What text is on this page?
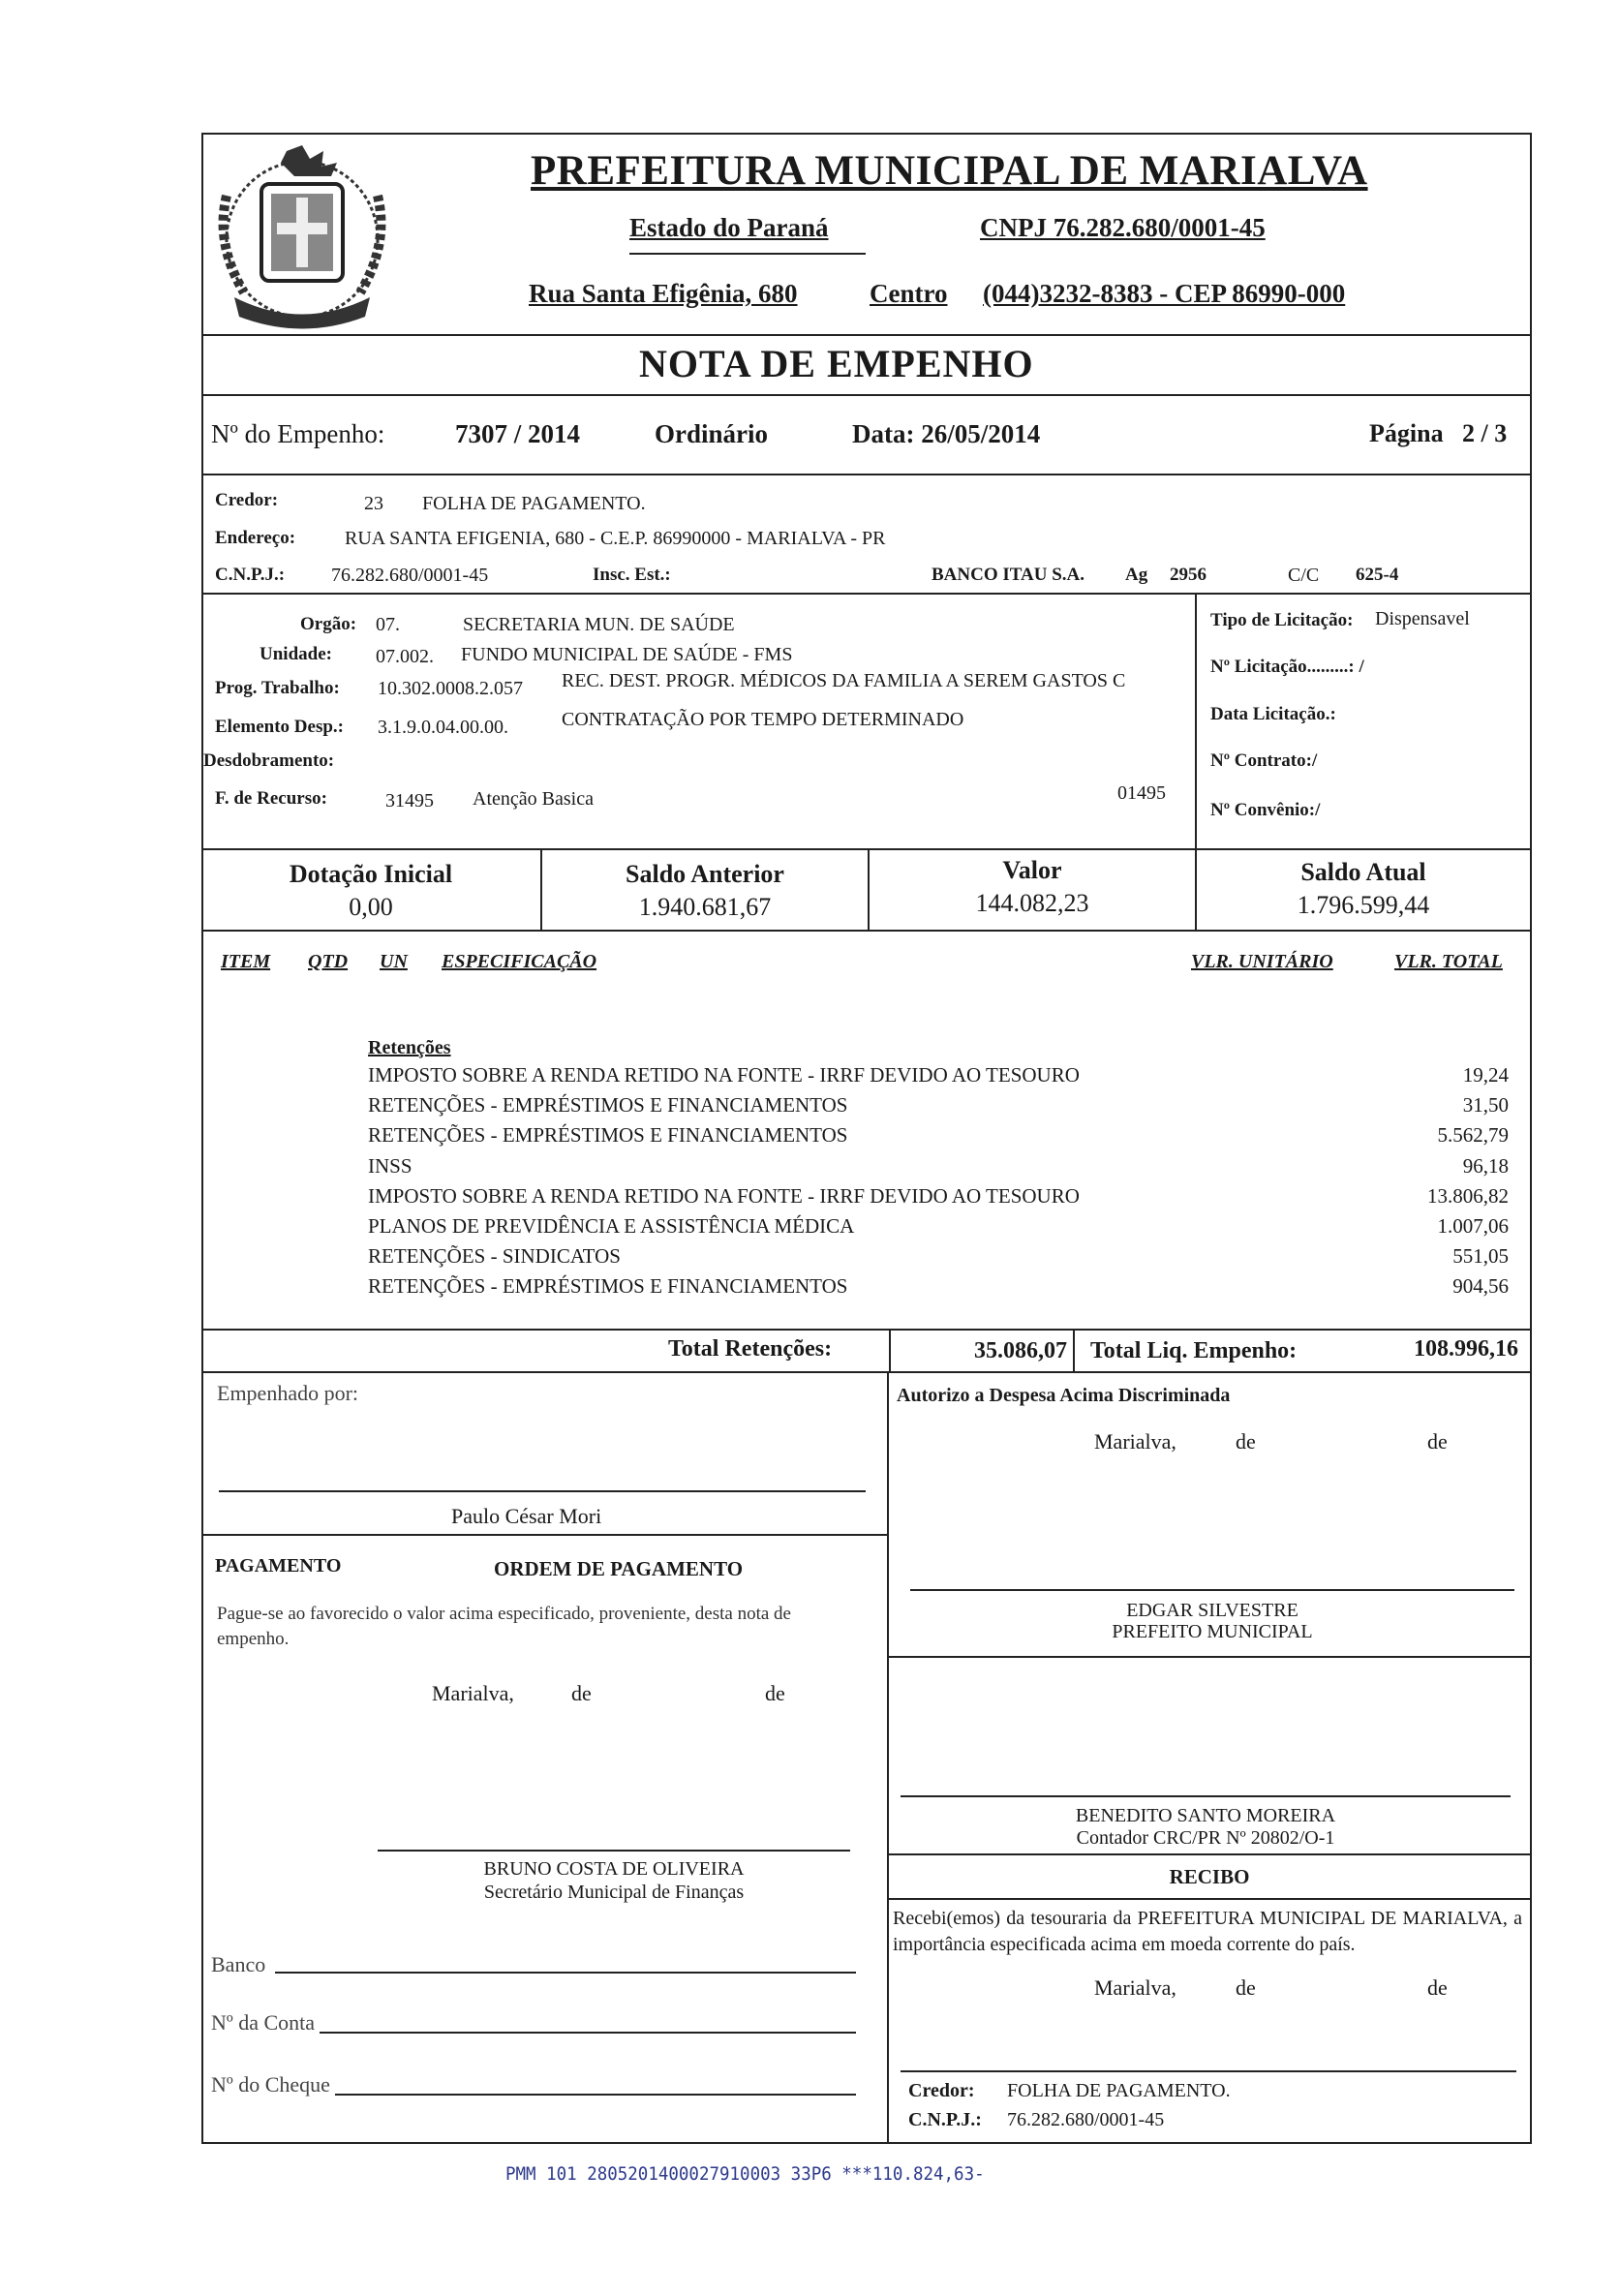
PREFEITURA MUNICIPAL DE MARIALVA
Estado do Paraná	CNPJ 76.282.680/0001-45
Rua Santa Efigênia, 680	Centro (044)3232-8383 - CEP 86990-000
NOTA DE EMPENHO
Nº do Empenho:	7307 / 2014	Ordinário	Data: 26/05/2014	Página 2 / 3
Credor:	23 FOLHA DE PAGAMENTO.
Endereço:	RUA SANTA EFIGENIA, 680 - C.E.P. 86990000 - MARIALVA - PR
C.N.P.J.: 76.282.680/0001-45	Insc. Est.:	BANCO ITAU S.A. Ag 2956	C/C 625-4
Orgão: 07.	SECRETARIA MUN. DE SAÚDE
Unidade: 07.002. FUNDO MUNICIPAL DE SAÚDE - FMS
Prog. Trabalho: 10.302.0008.2.057 REC. DEST. PROGR. MÉDICOS DA FAMILIA A SEREM GASTOS C
Elemento Desp.: 3.1.9.0.04.00.00.	CONTRATAÇÃO POR TEMPO DETERMINADO
Desdobramento:
F. de Recurso:	31495 Atenção Basica	01495
Tipo de Licitação: Dispensavel
Nº Licitação.........: /
Data Licitação.:
Nº Contrato:/
Nº Convênio:/
Dotação Inicial
0,00
Saldo Anterior
1.940.681,67
Valor
144.082,23
Saldo Atual
1.796.599,44
ITEM QTD UN ESPECIFICAÇÃO	VLR. UNITÁRIO	VLR. TOTAL
Retenções
IMPOSTO SOBRE A RENDA RETIDO NA FONTE - IRRF DEVIDO AO TESOURO	19,24
RETENÇÕES - EMPRÉSTIMOS E FINANCIAMENTOS	31,50
RETENÇÕES - EMPRÉSTIMOS E FINANCIAMENTOS	5.562,79
INSS	96,18
IMPOSTO SOBRE A RENDA RETIDO NA FONTE - IRRF DEVIDO AO TESOURO	13.806,82
PLANOS DE PREVIDÊNCIA E ASSISTÊNCIA MÉDICA	1.007,06
RETENÇÕES - SINDICATOS	551,05
RETENÇÕES - EMPRÉSTIMOS E FINANCIAMENTOS	904,56
Total Retenções:	35.086,07 Total Liq. Empenho:	108.996,16
Empenhado por:
Paulo César Mori
PAGAMENTO	ORDEM DE PAGAMENTO
Pague-se ao favorecido o valor acima especificado, proveniente, desta nota de empenho.
Marialva,	de	de
BRUNO COSTA DE OLIVEIRA
Secretário Municipal de Finanças
Banco
Nº da Conta
Nº do Cheque
Autorizo a Despesa Acima Discriminada
Marialva,	de	de
EDGAR SILVESTRE
PREFEITO MUNICIPAL
BENEDITO SANTO MOREIRA
Contador CRC/PR Nº 20802/O-1
RECIBO
Recebi(emos) da tesouraria da PREFEITURA MUNICIPAL DE MARIALVA, a importância especificada acima em moeda corrente do país.
Marialva,	de	de
Credor: FOLHA DE PAGAMENTO.
C.N.P.J.: 76.282.680/0001-45
PMM 101 2805201400027910003 33P6 ***110.824,63-
